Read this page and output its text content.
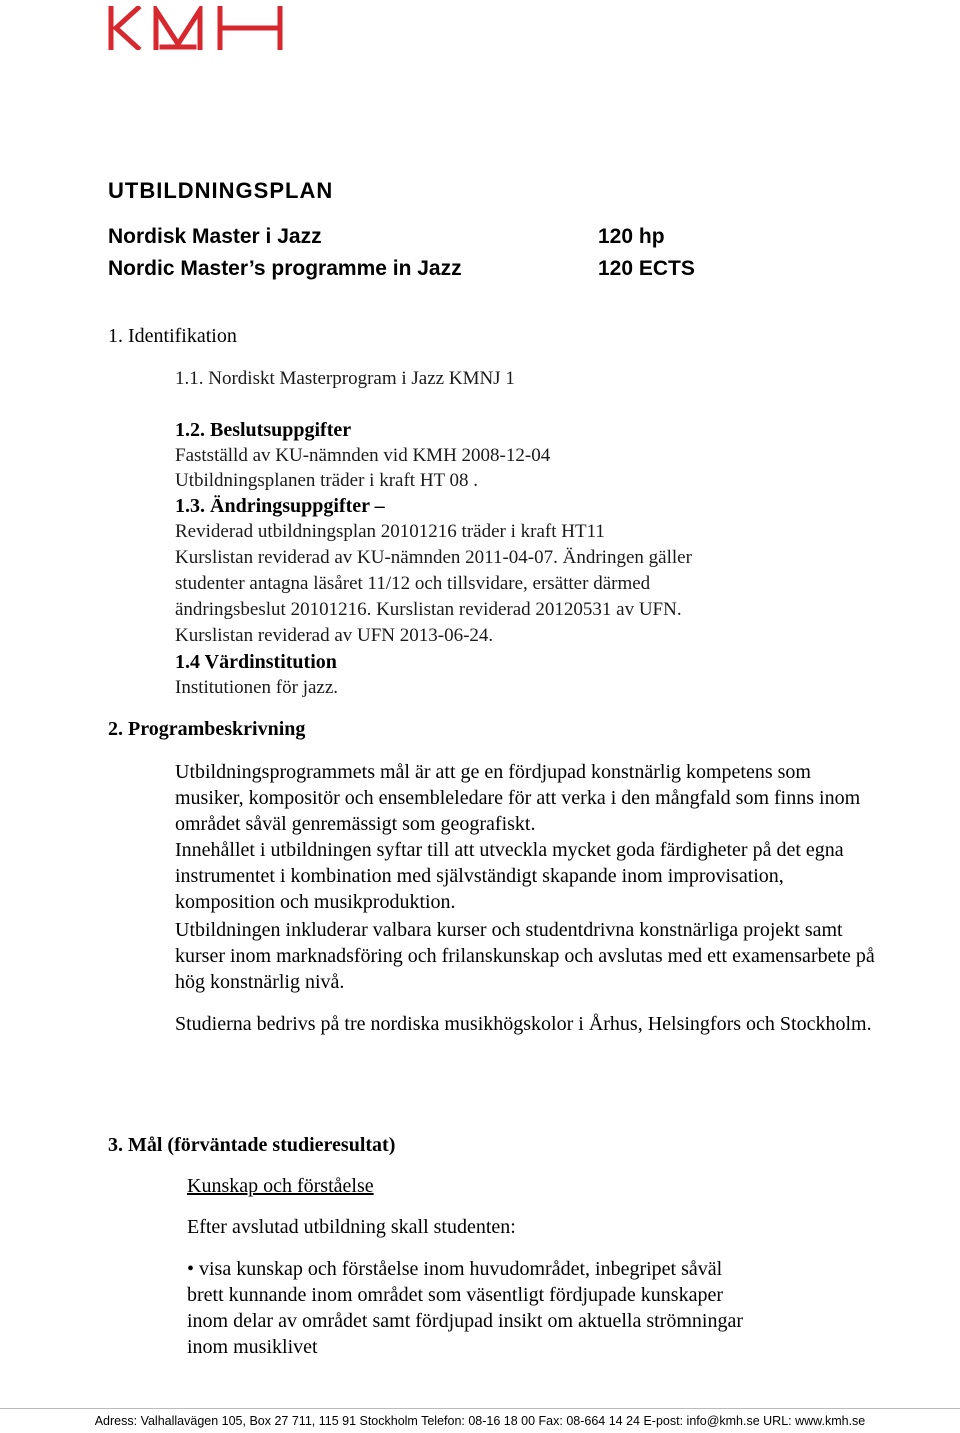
UTBILDNINGSPLAN
Nordisk Master i Jazz
Nordic Master’s programme in Jazz
120 hp
120 ECTS
1. Identifikation
1.1. Nordiskt Masterprogram i Jazz KMNJ 1
1.2. Beslutsuppgifter
Fastställd av KU-nämnden vid KMH 2008-12-04
Utbildningsplanen träder i kraft HT 08 .
1.3. Ändringsuppgifter –
Reviderad utbildningsplan 20101216 träder i kraft HT11
Kurslistan reviderad av KU-nämnden 2011-04-07. Ändringen gäller
studenter antagna läsåret 11/12 och tillsvidare, ersätter därmed
ändringsbeslut 20101216. Kurslistan reviderad 20120531 av UFN.
Kurslistan reviderad av UFN 2013-06-24.
1.4 Värdinstitution
Institutionen för jazz.
2. Programbeskrivning
Utbildningsprogrammets mål är att ge en fördjupad konstnärlig kompetens som musiker, kompositör och ensembleledare för att verka i den mångfald som finns inom området såväl genremässigt som geografiskt.
Innehållet i utbildningen syftar till att utveckla mycket goda färdigheter på det egna instrumentet i kombination med självständigt skapande inom improvisation, komposition och musikproduktion.
Utbildningen inkluderar valbara kurser och studentdrivna konstnärliga projekt samt kurser inom marknadsföring och frilanskunskap och avslutas med ett examensarbete på hög konstnärlig nivå.
Studierna bedrivs på tre nordiska musikhögskolor i Århus, Helsingfors och Stockholm.
3. Mål (förväntade studieresultat)
Kunskap och förståelse
Efter avslutad utbildning skall studenten:
• visa kunskap och förståelse inom huvudområdet, inbegripet såväl brett kunnande inom området som väsentligt fördjupade kunskaper inom delar av området samt fördjupad insikt om aktuella strömningar inom musiklivet
Adress: Valhallavägen 105, Box 27 711, 115 91 Stockholm Telefon: 08-16 18 00 Fax: 08-664 14 24 E-post: info@kmh.se URL: www.kmh.se
